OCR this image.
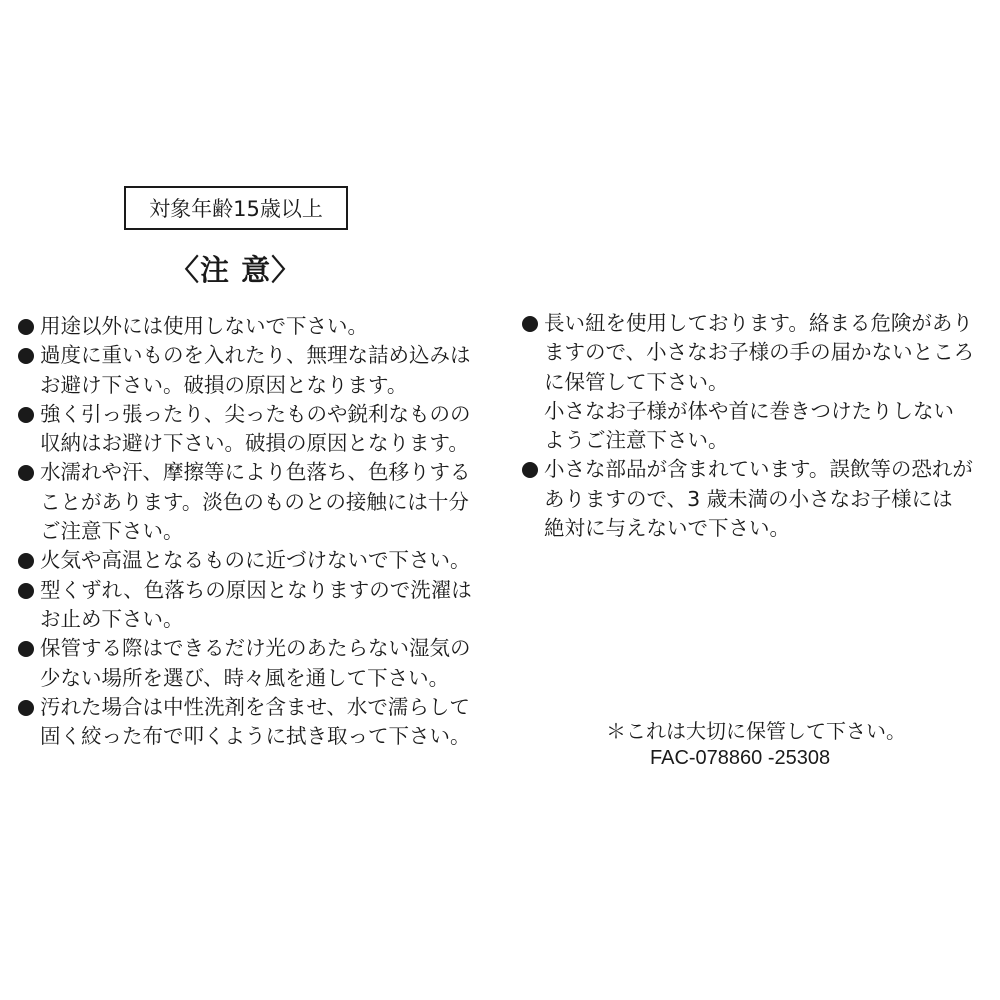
対象年齢15歳以上
〈注 意〉
用途以外には使用しないで下さい。
過度に重いものを入れたり、無理な詰め込みは
お避け下さい。破損の原因となります。
強く引っ張ったり、尖ったものや鋭利なものの
収納はお避け下さい。破損の原因となります。
水濡れや汗、摩擦等により色落ち、色移りする
ことがあります。淡色のものとの接触には十分
ご注意下さい。
火気や高温となるものに近づけないで下さい。
型くずれ、色落ちの原因となりますので洗濯は
お止め下さい。
保管する際はできるだけ光のあたらない湿気の
少ない場所を選び、時々風を通して下さい。
汚れた場合は中性洗剤を含ませ、水で濡らして
固く絞った布で叩くように拭き取って下さい。
長い紐を使用しております。絡まる危険があり
ますので、小さなお子様の手の届かないところ
に保管して下さい。
小さなお子様が体や首に巻きつけたりしない
ようご注意下さい。
小さな部品が含まれています。誤飲等の恐れが
ありますので、3 歳未満の小さなお子様には
絶対に与えないで下さい。
＊これは大切に保管して下さい。
FAC-078860 -25308
